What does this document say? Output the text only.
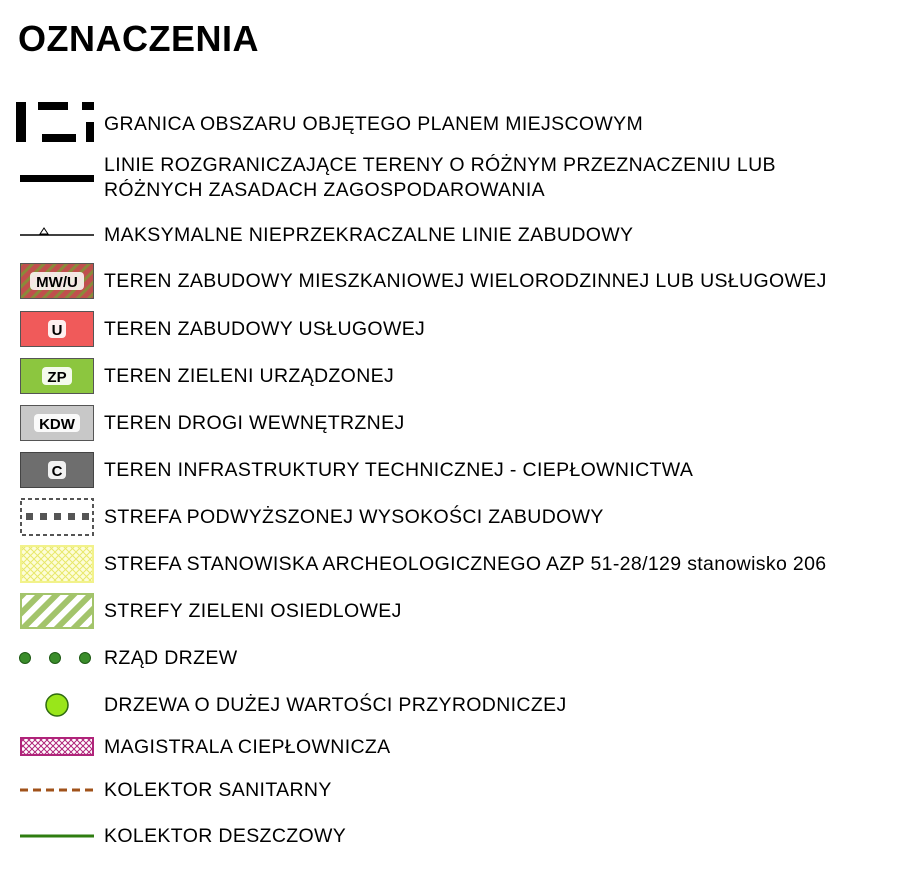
OZNACZENIA
GRANICA OBSZARU OBJĘTEGO PLANEM MIEJSCOWYM
LINIE ROZGRANICZAJĄCE TERENY O RÓŻNYM PRZEZNACZENIU LUB
RÓŻNYCH ZASADACH ZAGOSPODAROWANIA
MAKSYMALNE NIEPRZEKRACZALNE LINIE ZABUDOWY
MW/U TEREN ZABUDOWY MIESZKANIOWEJ WIELORODZINNEJ LUB USŁUGOWEJ
U TEREN ZABUDOWY USŁUGOWEJ
ZP TEREN ZIELENI URZĄDZONEJ
KDW TEREN DROGI WEWNĘTRZNEJ
C TEREN INFRASTRUKTURY TECHNICZNEJ - CIEPŁOWNICTWA
STREFA PODWYŻSZONEJ WYSOKOŚCI ZABUDOWY
STREFA STANOWISKA ARCHEOLOGICZNEGO AZP 51-28/129 stanowisko 206
STREFY ZIELENI OSIEDLOWEJ
RZĄD DRZEW
DRZEWA O DUŻEJ WARTOŚCI PRZYRODNICZEJ
MAGISTRALA CIEPŁOWNICZA
KOLEKTOR SANITARNY
KOLEKTOR DESZCZOWY
